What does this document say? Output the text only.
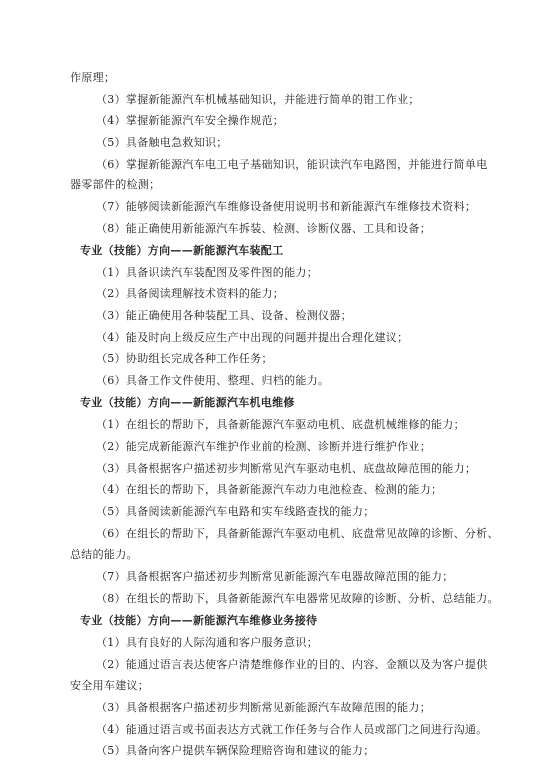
作原理；
（3）掌握新能源汽车机械基础知识，并能进行简单的钳工作业；
（4）掌握新能源汽车安全操作规范；
（5）具备触电急救知识；
（6）掌握新能源汽车电工电子基础知识，能识读汽车电路图，并能进行简单电
器零部件的检测；
（7）能够阅读新能源汽车维修设备使用说明书和新能源汽车维修技术资料；
（8）能正确使用新能源汽车拆装、检测、诊断仪器、工具和设备；
专业（技能）方向——新能源汽车装配工
（1）具备识读汽车装配图及零件图的能力；
（2）具备阅读理解技术资料的能力；
（3）能正确使用各种装配工具、设备、检测仪器；
（4）能及时向上级反应生产中出现的问题并提出合理化建议；
（5）协助组长完成各种工作任务；
（6）具备工作文件使用、整理、归档的能力。
专业（技能）方向——新能源汽车机电维修
（1）在组长的帮助下，具备新能源汽车驱动电机、底盘机械维修的能力；
（2）能完成新能源汽车维护作业前的检测、诊断并进行维护作业；
（3）具备根据客户描述初步判断常见汽车驱动电机、底盘故障范围的能力；
（4）在组长的帮助下，具备新能源汽车动力电池检查、检测的能力；
（5）具备阅读新能源汽车电路和实车线路查找的能力；
（6）在组长的帮助下，具备新能源汽车驱动电机、底盘常见故障的诊断、分析、
总结的能力。
（7）具备根据客户描述初步判断常见新能源汽车电器故障范围的能力；
（8）在组长的帮助下，具备新能源汽车电器常见故障的诊断、分析、总结能力。
专业（技能）方向——新能源汽车维修业务接待
（1）具有良好的人际沟通和客户服务意识；
（2）能通过语言表达使客户清楚维修作业的目的、内容、金额以及为客户提供
安全用车建议；
（3）具备根据客户描述初步判断常见新能源汽车故障范围的能力；
（4）能通过语言或书面表达方式就工作任务与合作人员或部门之间进行沟通。
（5）具备向客户提供车辆保险理赔咨询和建议的能力；
